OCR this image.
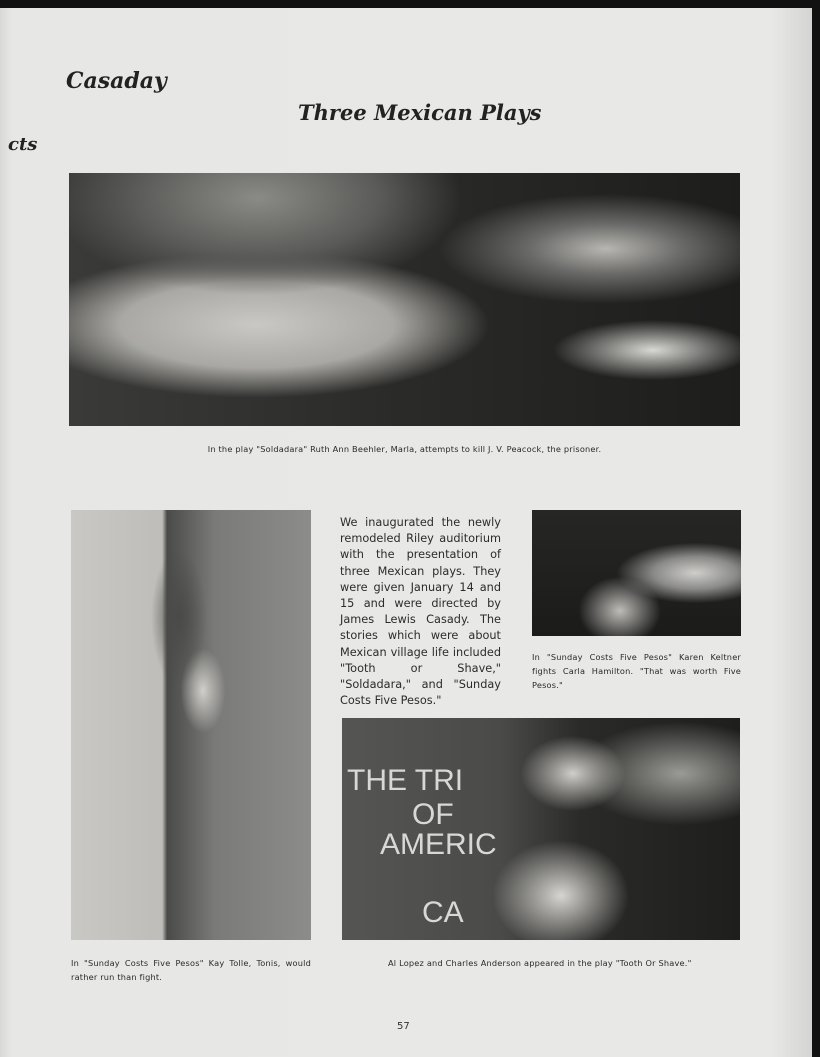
Casaday
cts
Three Mexican Plays
In the play "Soldadara" Ruth Ann Beehler, Marla, attempts to kill J. V. Peacock, the prisoner.
In "Sunday Costs Five Pesos" Kay Tolle, Tonis, would rather run than fight.
We inaugurated the newly remodeled Riley auditorium with the presentation of three Mexican plays. They were given January 14 and 15 and were directed by James Lewis Casady. The stories which were about Mexican village life included "Tooth or Shave," "Soldadara," and "Sunday Costs Five Pesos."
In "Sunday Costs Five Pesos" Karen Keltner fights Carla Hamilton. "That was worth Five Pesos."
THE TRI
OF
AMERIC
CA
Al Lopez and Charles Anderson appeared in the play "Tooth Or Shave."
57
